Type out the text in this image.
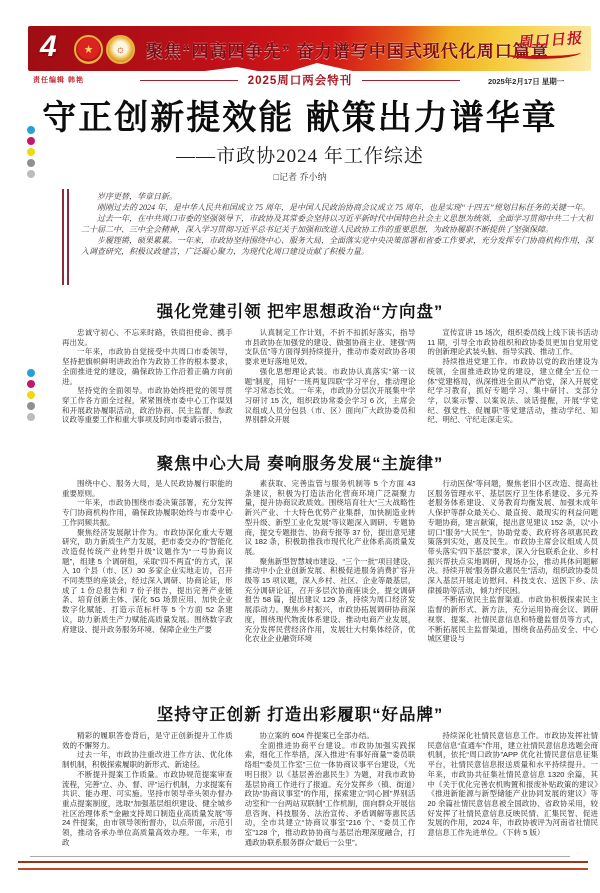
4	★	☼	聚焦“四高四争先” 奋力谱写中国式现代化周口篇章
周口日报
责任编辑 韩艳	2025周口两会特刊	2025年2月17日 星期一
守正创新提效能 献策出力谱华章
——市政协2024 年工作综述
□记者 乔小纳

岁序更替，华章日新。

刚刚过去的 2024 年，是中华人民共和国成立 75 周年，是中国人民政治协商会议成立 75 周年，也是实现“十四五”规划目标任务的关键一年。

过去一年，在中共周口市委的坚强领导下，市政协及其常委会坚持以习近平新时代中国特色社会主义思想为统领，全面学习贯彻中共二十大和二十届二中、三中全会精神，深入学习贯彻习近平总书记关于加强和改进人民政协工作的重要思想，为政协履职不断提供了坚强保障。

步履铿锵，硕果累累。一年来，市政协坚持围绕中心、服务大局，全面落实党中央决策部署和省委工作要求，充分发挥专门协商机构作用，深入调查研究，积极议政建言，广泛凝心聚力，为现代化周口建设贡献了积极力量。

强化党建引领 把牢思想政治“方向盘”

忠诚守初心、不忘来时路，铁肩担使命、携手再出发。

一年来，市政协自觉接受中共周口市委领导，坚持把旗帜鲜明讲政治作为政协工作的根本要求，全面推进党的建设，确保政协工作沿着正确方向前进。

坚持党的全面领导。市政协始终把党的领导贯穿工作各方面全过程，紧紧围绕市委中心工作谋划和开展政协履职活动，政治协商、民主监督、参政议政等重要工作和重大事项及时向市委请示报告，

认真制定工作计划，不折不扣抓好落实，指导市县政协在加强党的建设、做强协商主业、建强“两支队伍”等方面得到持续提升，推动市委对政协各项要求更好落地见效。

强化思想理论武装。市政协认真落实“第一议题”制度，用好“一班两复四联”学习平台，推动理论学习常态长效。一年来，市政协分层次开展集中学习研讨 15 次，组织政协常委会学习 6 次，主席会议组成人员分包县（市、区）面向广大政协委员和界别群众开展

宣传宣讲 15 场次，组织委员线上线下读书活动 11 期，引导全市政协组织和政协委员更加自觉用党的创新理论武装头脑、指导实践、推动工作。

持续推进党建工作。市政协以党的政治建设为统领，全面推进政协党的建设，建立健全“五位一体”党建格局，纵深推进全面从严治党，深入开展党纪学习教育，抓好专题学习、集中研讨、支部分学，以案示警、以案说法、谈话提醒，开展“学党纪、强党性、促履职”等党建活动，推动学纪、知纪、明纪、守纪走深走实。

聚焦中心大局 奏响服务发展“主旋律”

围绕中心、服务大局，是人民政协履行职能的重要原则。

一年来，市政协围绕市委决策部署，充分发挥专门协商机构作用，确保政协履职始终与市委中心工作同频共振。

聚焦经济发展献计作为。市政协深化重大专题研究，助力新质生产力发展，把市委交办的“智能化改造促传统产业转型升级”议题作为“一号协商议题”，组建 5 个调研组，采取“四不两直”的方式，深入 10 个县（市、区）30 多家企业实地走访，召开不同类型的座谈会，经过深入调研、协商论证，形成了 1 份总报告和 7 份子报告，提出完善产业链条、培育创新主体、深化 5G 场景应用、加快企业数字化赋能、打造示范标杆等 5 个方面 52 条建议，助力新质生产力赋能高质量发展。围绕数字政府建设、提升政务服务环境、保障企业生产要

素获取、完善监管与服务机制等 5 个方面 43 条建议，积极为打造法治化营商环境广泛凝聚力量，提升协商议政质效。围绕培育壮大“三大战略性新兴产业、十大特色优势产业集群，加快制造业转型升级、新型工业化发展”等议题深入调研、专题协商，提交专题报告、协商专报等 37 份，提出意见建议 182 条，积极助推我市现代化产业体系高质量发展。

聚焦新型智慧城市建设、“三个一批”项目建设、推动中小企业创新发展、积极促进服务消费扩容升级等 15 项议题，深入乡村、社区、企业等最基层，充分调研论证，召开多层次协商座谈会，提交调研报告 58 篇，提出建议 129 条，持续为周口经济发展添动力。聚焦乡村振兴，市政协拓展调研协商深度，围绕现代物流体系建设、推动电商产业发展，充分发挥民营经济作用，发展壮大村集体经济，优化农业企业融资环境

行动医保”等问题，聚焦老旧小区改造、提高社区服务管理水平、基层医疗卫生体系建设、多元养老服务体系建设、义务教育均衡发展、加强未成年人保护等群众最关心、最直接、最现实的利益问题专题协商，建言献策，提出意见建议 152 条，以“小切口”服务“大民生”，协助党委、政府将各项惠民政策落到实处，惠及民生。市政协主席会议组成人员带头落实“四下基层”要求，深入分包联系企业、乡村振兴帮扶点实地调研，现场办公，推动具体问题解决。持续开展“服务群众惠民生”活动，组织政协委员深入基层开展走访慰问、科技支农、送医下乡、法律援助等活动，倾力纾民困。

不断拓宽民主监督渠道。市政协积极探索民主监督的新形式、新方法，充分运用协商会议、调研视察、提案、社情民意信息和特邀监督员等方式，不断拓展民主监督渠道，围绕食品药品安全、中心城区建设与

坚持守正创新 打造出彩履职“好品牌”

精彩的履职答卷背后，是守正创新提升工作质效的不懈努力。

过去一年，市政协注重改进工作方法、优化体制机制，积极探索履职的新形式、新途径。

不断提升提案工作质量。市政协规范提案审查流程，完善“立、办、督、评”运行机制，力求提案有共识、能办理、可实施。坚持市领导牵头领办督办重点提案制度，选取“加强基层组织建设、健全城乡社区治理体系”“金融支持周口制造业高质量发展”等 24 件提案，由市领导领衔督办，以点带面，示范引领，推动各承办单位高质量高效办理。一年来，市政

协立案的 604 件提案已全部办结。

全面推进协商平台建设。市政协加强实践探索，细化工作举措，深入推进“有事好商量”“委员联络组”“委员工作室”三位一体协商议事平台建设，《光明日报》以《基层善治惠民生》为题，对我市政协基层协商工作进行了报道。充分发挥乡（镇、街道）政协“协商议事室”的作用，探索建立“同心圆”界别活动室和“一台两站双联制”工作机制，面向群众开展信息咨询、科技服务、法治宣传、矛盾调解等惠民活动，全市共建立“协商议事室”216 个、“委员工作室”128 个，推动政协协商与基层治理深度融合，打通政协联系服务群众“最后一公里”。

持续深化社情民意信息工作。市政协发挥社情民意信息“直通车”作用，建立社情民意信息选题会商机制，依托“周口政协”APP 优化社情民意信息征集平台，社情民意信息报送质量和水平持续提升。一年来，市政协共征集社情民意信息 1320 余篇，其中《关于优化完善农机购置和报废补贴政策的建议》《推进新能源与新型储能产业协同发展的建议》等 20 余篇社情民意信息被全国政协、省政协采用，较好发挥了社情民意信息反映民情、汇集民智、促进发展的作用，2024 年，市政协被评为河南省社情民意信息工作先进单位。（下转 5 版）
